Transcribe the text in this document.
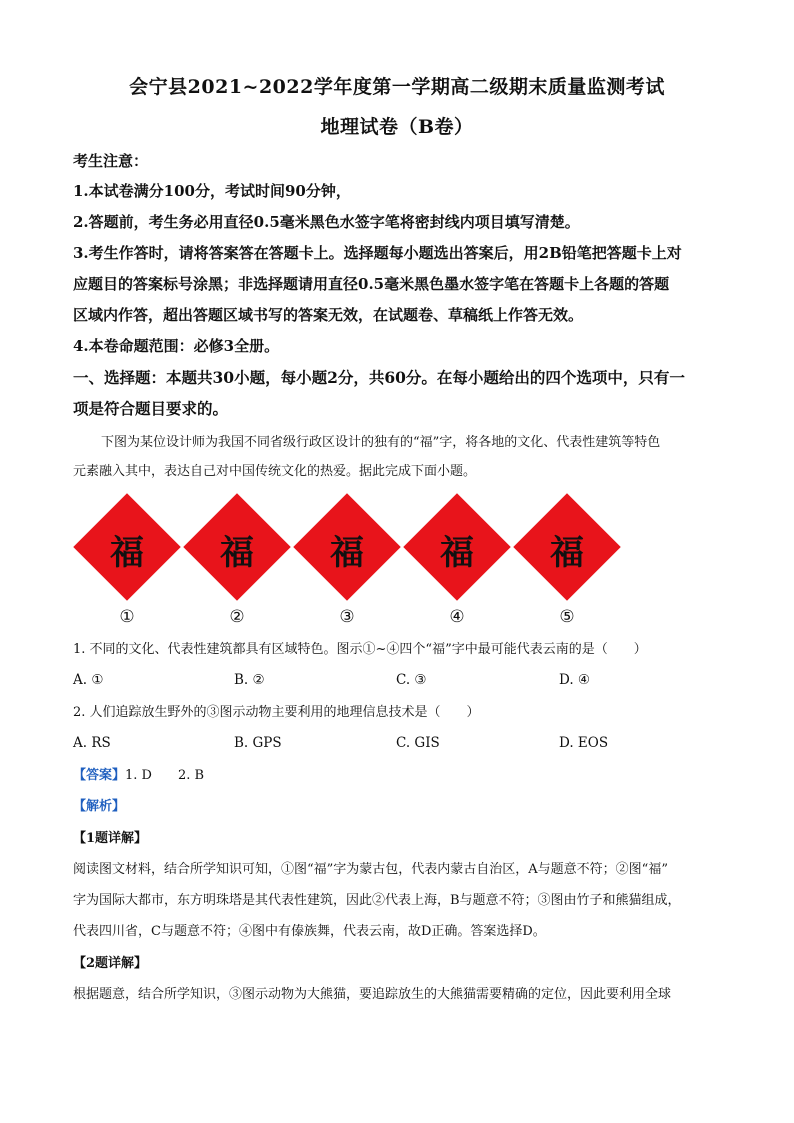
会宁县2021~2022学年度第一学期高二级期末质量监测考试
地理试卷（B卷）
考生注意：
1.本试卷满分100分，考试时间90分钟，
2.答题前，考生务必用直径0.5毫米黑色水签字笔将密封线内项目填写清楚。
3.考生作答时，请将答案答在答题卡上。选择题每小题选出答案后，用2B铅笔把答题卡上对
应题目的答案标号涂黑；非选择题请用直径0.5毫米黑色墨水签字笔在答题卡上各题的答题
区域内作答，超出答题区域书写的答案无效，在试题卷、草稿纸上作答无效。
4.本卷命题范围：必修3全册。
一、选择题：本题共30小题，每小题2分，共60分。在每小题给出的四个选项中，只有一
项是符合题目要求的。
下图为某位设计师为我国不同省级行政区设计的独有的“福”字，将各地的文化、代表性建筑等特色
元素融入其中，表达自己对中国传统文化的热爱。据此完成下面小题。
福
①
福
②
福
③
福
④
福
⑤
1. 不同的文化、代表性建筑都具有区域特色。图示①~④四个“福”字中最可能代表云南的是（　　）
A. ①	B. ②	C. ③	D. ④
2. 人们追踪放生野外的③图示动物主要利用的地理信息技术是（　　）
A. RS	B. GPS	C. GIS	D. EOS
【答案】1. D　　2. B
【解析】
【1题详解】
阅读图文材料，结合所学知识可知，①图“福”字为蒙古包，代表内蒙古自治区，A与题意不符；②图“福”
字为国际大都市，东方明珠塔是其代表性建筑，因此②代表上海，B与题意不符；③图由竹子和熊猫组成，
代表四川省，C与题意不符；④图中有傣族舞，代表云南，故D正确。答案选择D。
【2题详解】
根据题意，结合所学知识，③图示动物为大熊猫，要追踪放生的大熊猫需要精确的定位，因此要利用全球
